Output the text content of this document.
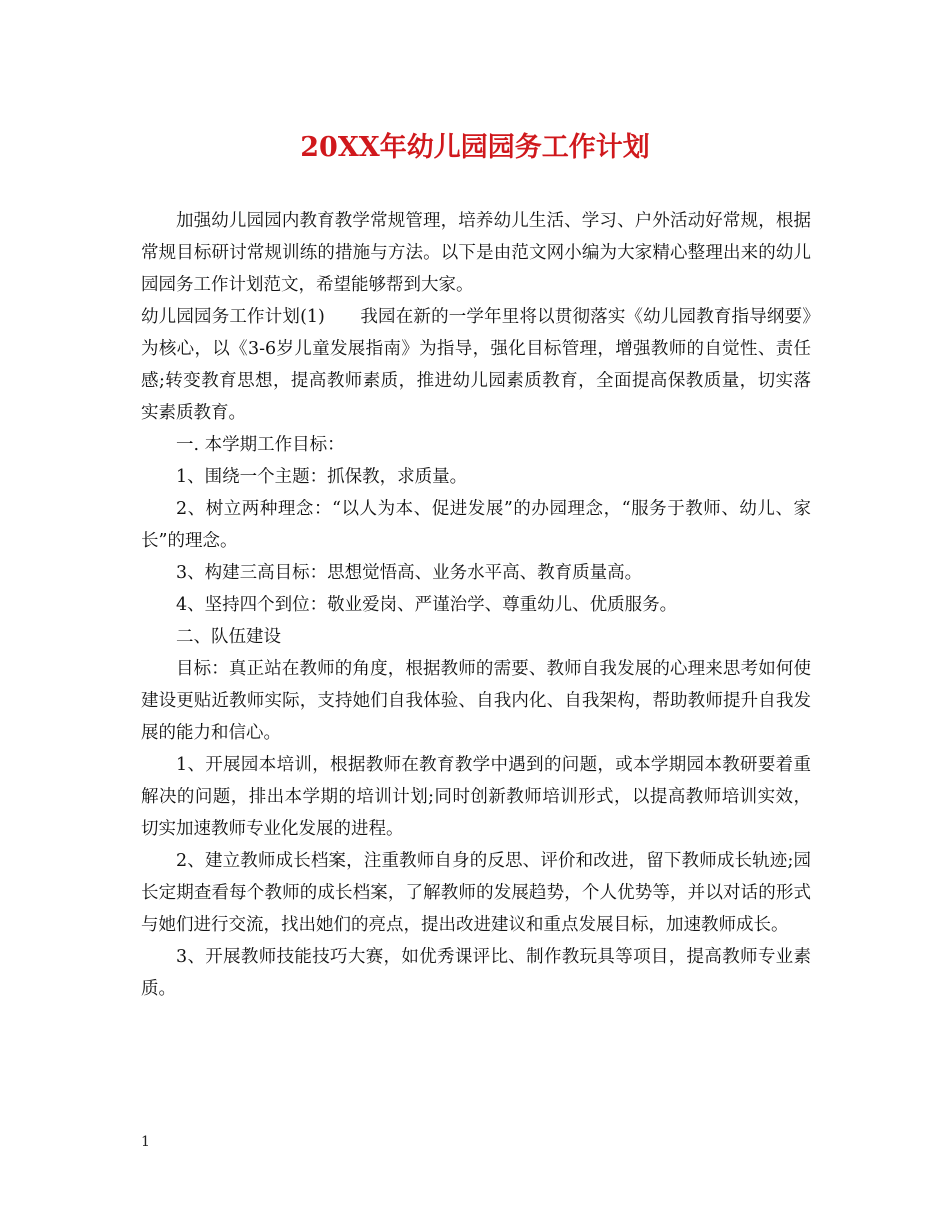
20XX年幼儿园园务工作计划

加强幼儿园园内教育教学常规管理，培养幼儿生活、学习、户外活动好常规，根据常规目标研讨常规训练的措施与方法。以下是由范文网小编为大家精心整理出来的幼儿园园务工作计划范文，希望能够帮到大家。

幼儿园园务工作计划(1)　　我园在新的一学年里将以贯彻落实《幼儿园教育指导纲要》为核心，以《3-6岁儿童发展指南》为指导，强化目标管理，增强教师的自觉性、责任感;转变教育思想，提高教师素质，推进幼儿园素质教育，全面提高保教质量，切实落实素质教育。

一. 本学期工作目标：

1、围绕一个主题：抓保教，求质量。

2、树立两种理念：“以人为本、促进发展”的办园理念，“服务于教师、幼儿、家长”的理念。

3、构建三高目标：思想觉悟高、业务水平高、教育质量高。

4、坚持四个到位：敬业爱岗、严谨治学、尊重幼儿、优质服务。

二、队伍建设

目标：真正站在教师的角度，根据教师的需要、教师自我发展的心理来思考如何使建设更贴近教师实际，支持她们自我体验、自我内化、自我架构，帮助教师提升自我发展的能力和信心。

1、开展园本培训，根据教师在教育教学中遇到的问题，或本学期园本教研要着重解决的问题，排出本学期的培训计划;同时创新教师培训形式，以提高教师培训实效，切实加速教师专业化发展的进程。

2、建立教师成长档案，注重教师自身的反思、评价和改进，留下教师成长轨迹;园长定期查看每个教师的成长档案，了解教师的发展趋势，个人优势等，并以对话的形式与她们进行交流，找出她们的亮点，提出改进建议和重点发展目标，加速教师成长。

3、开展教师技能技巧大赛，如优秀课评比、制作教玩具等项目，提高教师专业素质。

1
